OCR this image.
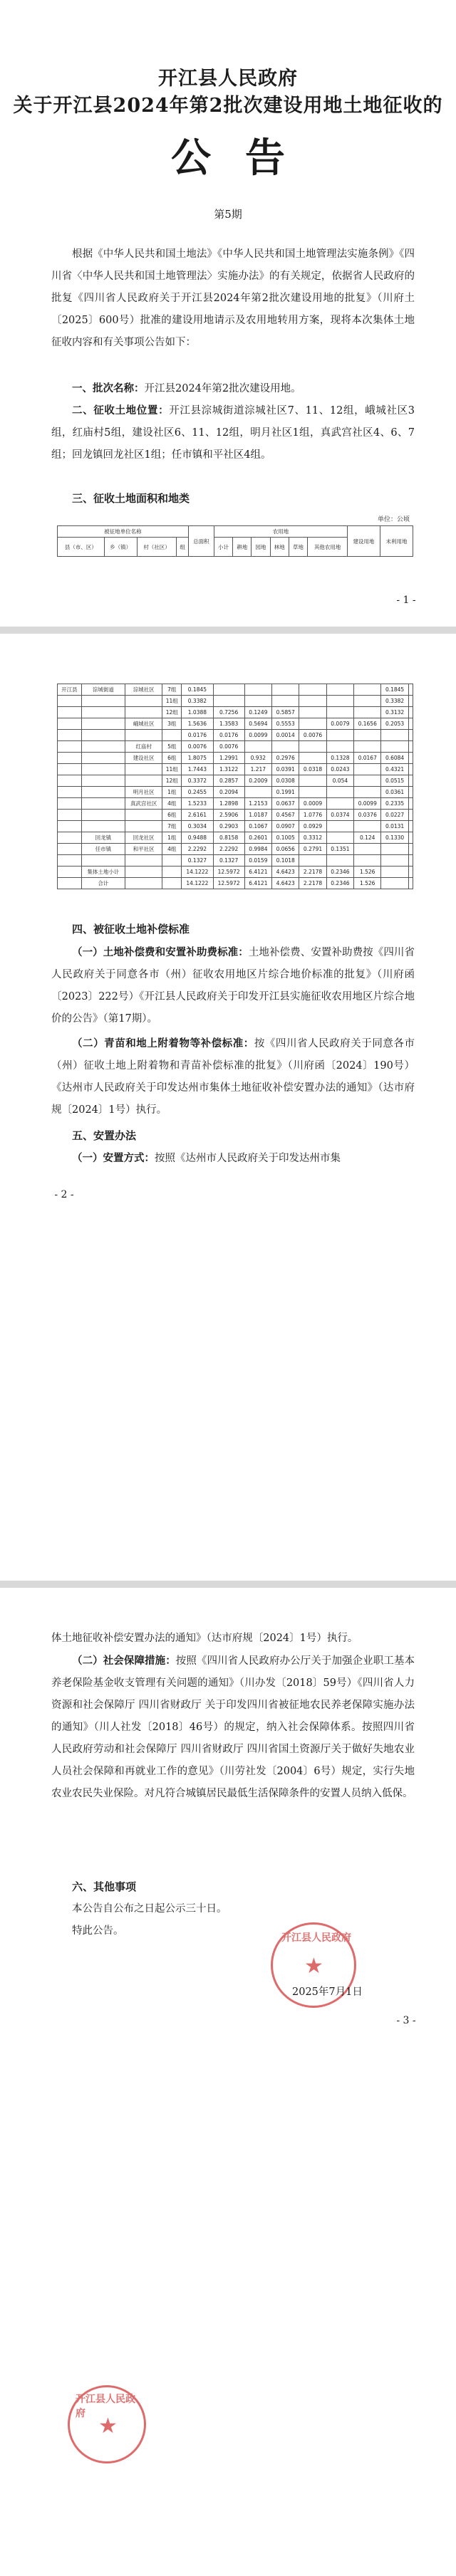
开江县人民政府
关于开江县2024年第2批次建设用地土地征收的
公告
第5期

根据《中华人民共和国土地法》《中华人民共和国土地管理法实施条例》《四川省〈中华人民共和国土地管理法〉实施办法》的有关规定，依据省人民政府的批复《四川省人民政府关于开江县2024年第2批次建设用地的批复》（川府土〔2025〕600号）批准的建设用地请示及农用地转用方案，现将本次集体土地征收内容和有关事项公告如下：

一、批次名称：开江县2024年第2批次建设用地。

二、征收土地位置：开江县淙城街道淙城社区7、11、12组，峨城社区3组，红庙村5组，建设社区6、11、12组，明月社区1组，真武宫社区4、6、7组；回龙镇回龙社区1组；任市镇和平社区4组。

三、征收土地面积和地类

单位：公顷
被征地单位名称				总面积	农用地						建设用地	未利用地
县（市、区）	乡（镇）	村（社区）	组		小计	耕地	园地	林地	草地	其他农用地		
- 1 -
开江县	淙城街道	淙城社区	7组	0.1845							0.1845	
			11组	0.3382							0.3382	
			12组	1.0388	0.7256	0.1249	0.5857				0.3132	
		峨城社区	3组	1.5636	1.3583	0.5694	0.5553		0.0079	0.1656	0.2053	
				0.0176	0.0176	0.0099	0.0014	0.0076				
		红庙村	5组	0.0076	0.0076							
		建设社区	6组	1.8075	1.2991	0.932	0.2976		0.1328	0.0167	0.6084	
			11组	1.7443	1.3122	1.217	0.0391	0.0318	0.0243		0.4321	
			12组	0.3372	0.2857	0.2009	0.0308		0.054		0.0515	
		明月社区	1组	0.2455	0.2094		0.1991				0.0361	
		真武宫社区	4组	1.5233	1.2898	1.2153	0.0637	0.0009		0.0099	0.2335	
			6组	2.6161	2.5906	1.0187	0.4567	1.0776	0.0374	0.0376	0.0227	
			7组	0.3034	0.2903	0.1067	0.0907	0.0929			0.0131	
	回龙镇	回龙社区	1组	0.9488	0.8158	0.2601	0.1005	0.3312		0.124	0.1330	
	任市镇	和平社区	4组	2.2292	2.2292	0.9984	0.0656	0.2791	0.1351			
				0.1327	0.1327	0.0159	0.1018					
	集体土地小计			14.1222	12.5972	6.4121	4.6423	2.2178	0.2346	1.526		
	合计			14.1222	12.5972	6.4121	4.6423	2.2178	0.2346	1.526		

四、被征收土地补偿标准

（一）土地补偿费和安置补助费标准：土地补偿费、安置补助费按《四川省人民政府关于同意各市（州）征收农用地区片综合地价标准的批复》（川府函〔2023〕222号）《开江县人民政府关于印发开江县实施征收农用地区片综合地价的公告》（第17期）。

（二）青苗和地上附着物等补偿标准：按《四川省人民政府关于同意各市（州）征收土地上附着物和青苗补偿标准的批复》（川府函〔2024〕190号）《达州市人民政府关于印发达州市集体土地征收补偿安置办法的通知》（达市府规〔2024〕1号）执行。

五、安置办法

（一）安置方式：按照《达州市人民政府关于印发达州市集

- 2 -

体土地征收补偿安置办法的通知》（达市府规〔2024〕1号）执行。

（二）社会保障措施：按照《四川省人民政府办公厅关于加强企业职工基本养老保险基金收支管理有关问题的通知》（川办发〔2018〕59号）《四川省人力资源和社会保障厅 四川省财政厅 关于印发四川省被征地农民养老保障实施办法的通知》（川人社发〔2018〕46号）的规定，纳入社会保障体系。按照四川省人民政府劳动和社会保障厅 四川省财政厅 四川省国土资源厅关于做好失地农业人员社会保障和再就业工作的意见》（川劳社发〔2004〕6号）规定，实行失地农业农民失业保险。对凡符合城镇居民最低生活保障条件的安置人员纳入低保。

六、其他事项

本公告自公布之日起公示三十日。

特此公告。

★
开江县人民政府
2025年7月1日
- 3 -
★
开江县人民政府
